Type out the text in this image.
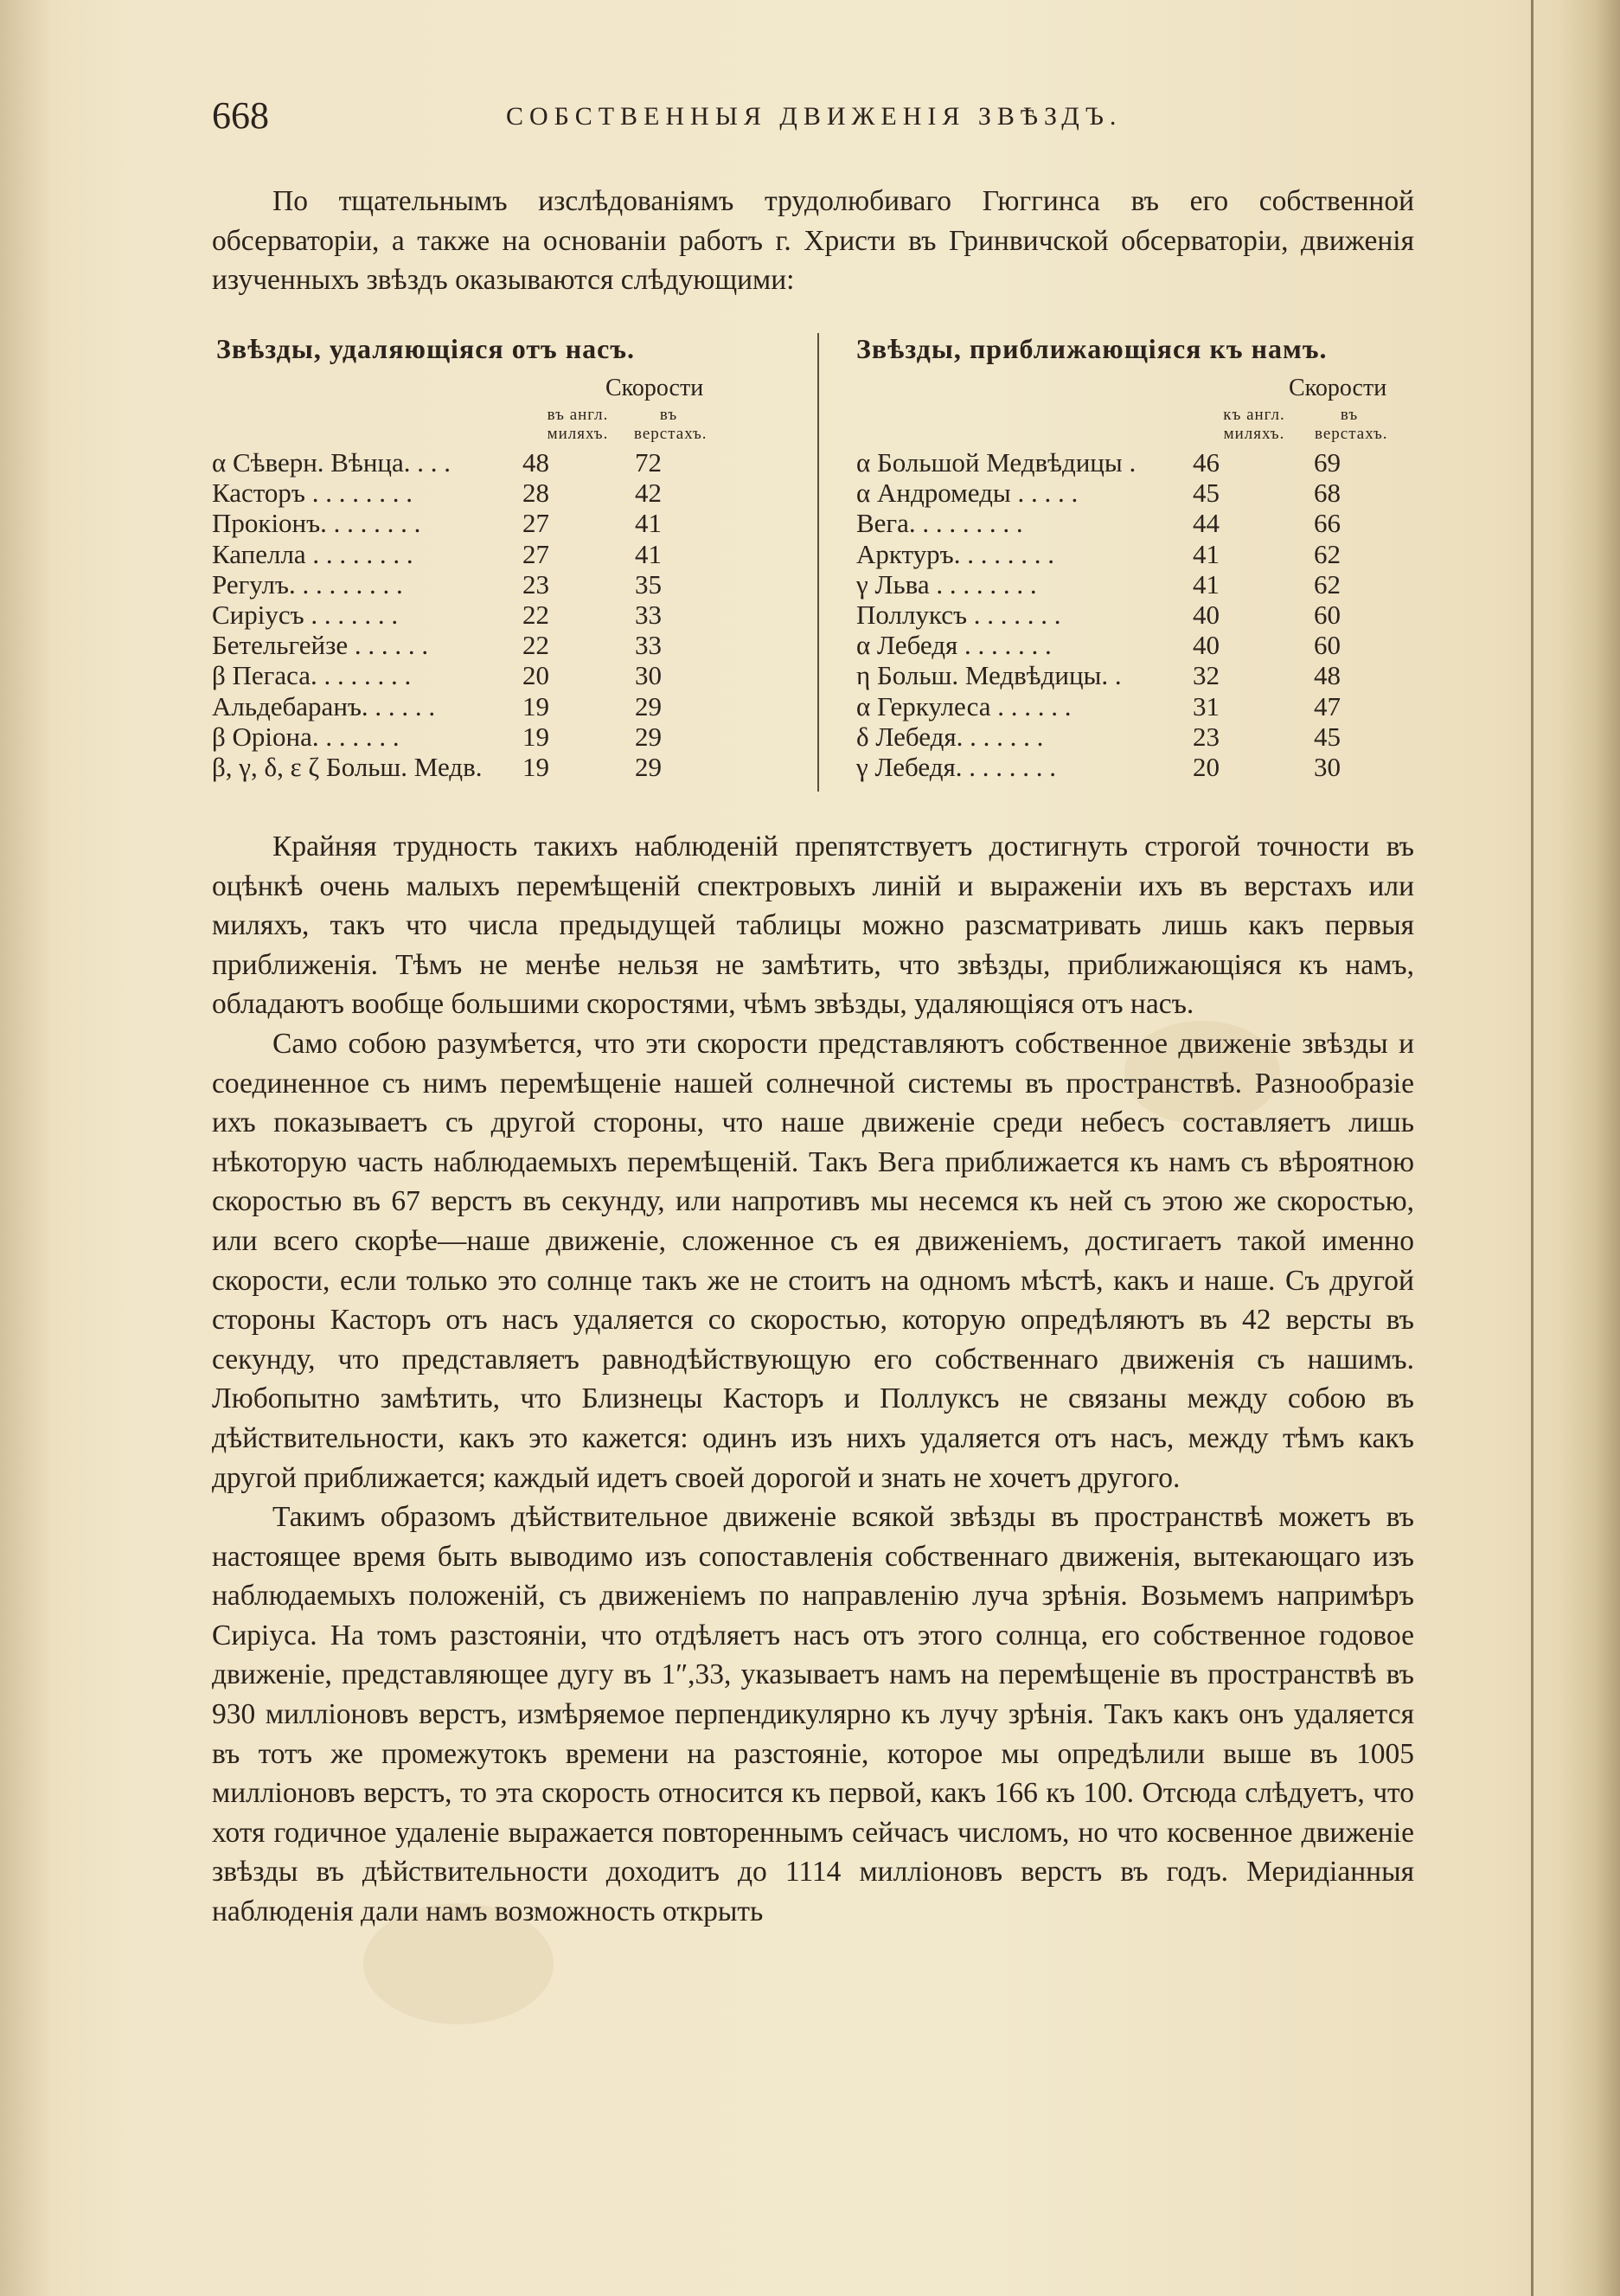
668	СОБСТВЕННЫЯ ДВИЖЕНІЯ ЗВѢЗДЪ.

По тщательнымъ изслѣдованіямъ трудолюбиваго Гюггинса въ его собственной обсерваторіи, а также на основаніи работъ г. Христи въ Гринвичской обсерваторіи, движенія изученныхъ звѣздъ оказываются слѣдующими:

Звѣзды, удаляющіяся отъ насъ.
Скорости
въ англ. миляхъ.
въ верстахъ.
α Сѣверн. Вѣнца. . . .	48	72
Касторъ . . . . . . . .	28	42
Прокіонъ. . . . . . . .	27	41
Капелла . . . . . . . .	27	41
Регулъ. . . . . . . . .	23	35
Сиріусъ . . . . . . .	22	33
Бетельгейзе . . . . . .	22	33
β Пегаса. . . . . . . .	20	30
Альдебаранъ. . . . . .	19	29
β Оріона. . . . . . .	19	29
β, γ, δ, ε ζ Больш. Медв. 19	29
Звѣзды, приближающіяся къ намъ.
Скорости
къ англ. миляхъ.
въ верстахъ.
α Большой Медвѣдицы . 46	69
α Андромеды . . . . .	45	68
Вега. . . . . . . . .	44	66
Арктуръ. . . . . . . .	41	62
γ Льва . . . . . . . .	41	62
Поллуксъ . . . . . . .	40	60
α Лебедя . . . . . . .	40	60
η Больш. Медвѣдицы. .	32	48
α Геркулеса . . . . . .	31	47
δ Лебедя. . . . . . .	23	45
γ Лебедя. . . . . . . .	20	30

Крайняя трудность такихъ наблюденій препятствуетъ достигнуть строгой точности въ оцѣнкѣ очень малыхъ перемѣщеній спектровыхъ линій и выраженіи ихъ въ верстахъ или миляхъ, такъ что числа предыдущей таблицы можно разсматривать лишь какъ первыя приближенія. Тѣмъ не менѣе нельзя не замѣтить, что звѣзды, приближающіяся къ намъ, обладаютъ вообще большими скоростями, чѣмъ звѣзды, удаляющіяся отъ насъ.

Само собою разумѣется, что эти скорости представляютъ собственное движеніе звѣзды и соединенное съ нимъ перемѣщеніе нашей солнечной системы въ пространствѣ. Разнообразіе ихъ показываетъ съ другой стороны, что наше движеніе среди небесъ составляетъ лишь нѣкоторую часть наблюдаемыхъ перемѣщеній. Такъ Вега приближается къ намъ съ вѣроятною скоростью въ 67 верстъ въ секунду, или напротивъ мы несемся къ ней съ этою же скоростью, или всего скорѣе—наше движеніе, сложенное съ ея движеніемъ, достигаетъ такой именно скорости, если только это солнце такъ же не стоитъ на одномъ мѣстѣ, какъ и наше. Съ другой стороны Касторъ отъ насъ удаляется со скоростью, которую опредѣляютъ въ 42 версты въ секунду, что представляетъ равнодѣйствующую его собственнаго движенія съ нашимъ. Любопытно замѣтить, что Близнецы Касторъ и Поллуксъ не связаны между собою въ дѣйствительности, какъ это кажется: одинъ изъ нихъ удаляется отъ насъ, между тѣмъ какъ другой приближается; каждый идетъ своей дорогой и знать не хочетъ другого.

Такимъ образомъ дѣйствительное движеніе всякой звѣзды въ пространствѣ можетъ въ настоящее время быть выводимо изъ сопоставленія собственнаго движенія, вытекающаго изъ наблюдаемыхъ положеній, съ движеніемъ по направленію луча зрѣнія. Возьмемъ напримѣръ Сиріуса. На томъ разстояніи, что отдѣляетъ насъ отъ этого солнца, его собственное годовое движеніе, представляющее дугу въ 1″,33, указываетъ намъ на перемѣщеніе въ пространствѣ въ 930 милліоновъ верстъ, измѣряемое перпендикулярно къ лучу зрѣнія. Такъ какъ онъ удаляется въ тотъ же промежутокъ времени на разстояніе, которое мы опредѣлили выше въ 1005 милліоновъ верстъ, то эта скорость относится къ первой, какъ 166 къ 100. Отсюда слѣдуетъ, что хотя годичное удаленіе выражается повтореннымъ сейчасъ числомъ, но что косвенное движеніе звѣзды въ дѣйствительности доходитъ до 1114 милліоновъ верстъ въ годъ. Меридіанныя наблюденія дали намъ возможность открыть
